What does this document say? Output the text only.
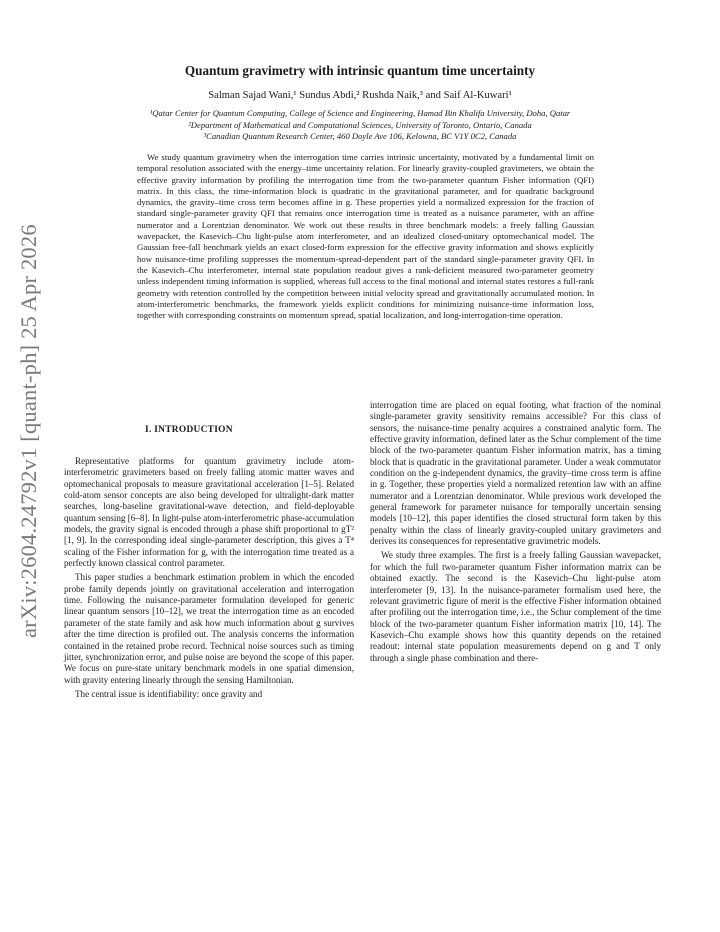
arXiv:2604.24792v1 [quant-ph] 25 Apr 2026
Quantum gravimetry with intrinsic quantum time uncertainty
Salman Sajad Wani,¹ Sundus Abdi,² Rushda Naik,³ and Saif Al-Kuwari¹
¹Qatar Center for Quantum Computing, College of Science and Engineering, Hamad Bin Khalifa University, Doha, Qatar
²Department of Mathematical and Computational Sciences, University of Toronto, Ontario, Canada
³Canadian Quantum Research Center, 460 Doyle Ave 106, Kelowna, BC V1Y 0C2, Canada

We study quantum gravimetry when the interrogation time carries intrinsic uncertainty, motivated by a fundamental limit on temporal resolution associated with the energy–time uncertainty relation. For linearly gravity-coupled gravimeters, we obtain the effective gravity information by profiling the interrogation time from the two-parameter quantum Fisher information (QFI) matrix. In this class, the time-information block is quadratic in the gravitational parameter, and for quadratic background dynamics, the gravity–time cross term becomes affine in g. These properties yield a normalized expression for the fraction of standard single-parameter gravity QFI that remains once interrogation time is treated as a nuisance parameter, with an affine numerator and a Lorentzian denominator. We work out these results in three benchmark models: a freely falling Gaussian wavepacket, the Kasevich–Chu light-pulse atom interferometer, and an idealized closed-unitary optomechanical model. The Gaussian free-fall benchmark yields an exact closed-form expression for the effective gravity information and shows explicitly how nuisance-time profiling suppresses the momentum-spread-dependent part of the standard single-parameter gravity QFI. In the Kasevich–Chu interferometer, internal state population readout gives a rank-deficient measured two-parameter geometry unless independent timing information is supplied, whereas full access to the final motional and internal states restores a full-rank geometry with retention controlled by the competition between initial velocity spread and gravitationally accumulated motion. In atom-interferometric benchmarks, the framework yields explicit conditions for minimizing nuisance-time information loss, together with corresponding constraints on momentum spread, spatial localization, and long-interrogation-time operation.

I. INTRODUCTION

Representative platforms for quantum gravimetry include atom-interferometric gravimeters based on freely falling atomic matter waves and optomechanical proposals to measure gravitational acceleration [1–5]. Related cold-atom sensor concepts are also being developed for ultralight-dark matter searches, long-baseline gravitational-wave detection, and field-deployable quantum sensing [6–8]. In light-pulse atom-interferometric phase-accumulation models, the gravity signal is encoded through a phase shift proportional to gT² [1, 9]. In the corresponding ideal single-parameter description, this gives a T⁴ scaling of the Fisher information for g, with the interrogation time treated as a perfectly known classical control parameter.

This paper studies a benchmark estimation problem in which the encoded probe family depends jointly on gravitational acceleration and interrogation time. Following the nuisance-parameter formulation developed for generic linear quantum sensors [10–12], we treat the interrogation time as an encoded parameter of the state family and ask how much information about g survives after the time direction is profiled out. The analysis concerns the information contained in the retained probe record. Technical noise sources such as timing jitter, synchronization error, and pulse noise are beyond the scope of this paper. We focus on pure-state unitary benchmark models in one spatial dimension, with gravity entering linearly through the sensing Hamiltonian.

The central issue is identifiability: once gravity and

interrogation time are placed on equal footing, what fraction of the nominal single-parameter gravity sensitivity remains accessible? For this class of sensors, the nuisance-time penalty acquires a constrained analytic form. The effective gravity information, defined later as the Schur complement of the time block of the two-parameter quantum Fisher information matrix, has a timing block that is quadratic in the gravitational parameter. Under a weak commutator condition on the g-independent dynamics, the gravity–time cross term is affine in g. Together, these properties yield a normalized retention law with an affine numerator and a Lorentzian denominator. While previous work developed the general framework for parameter nuisance for temporally uncertain sensing models [10–12], this paper identifies the closed structural form taken by this penalty within the class of linearly gravity-coupled unitary gravimeters and derives its consequences for representative gravimetric models.

We study three examples. The first is a freely falling Gaussian wavepacket, for which the full two-parameter quantum Fisher information matrix can be obtained exactly. The second is the Kasevich–Chu light-pulse atom interferometer [9, 13]. In the nuisance-parameter formalism used here, the relevant gravimetric figure of merit is the effective Fisher information obtained after profiling out the interrogation time, i.e., the Schur complement of the time block of the two-parameter quantum Fisher information matrix [10, 14]. The Kasevich–Chu example shows how this quantity depends on the retained readout: internal state population measurements depend on g and T only through a single phase combination and there-
